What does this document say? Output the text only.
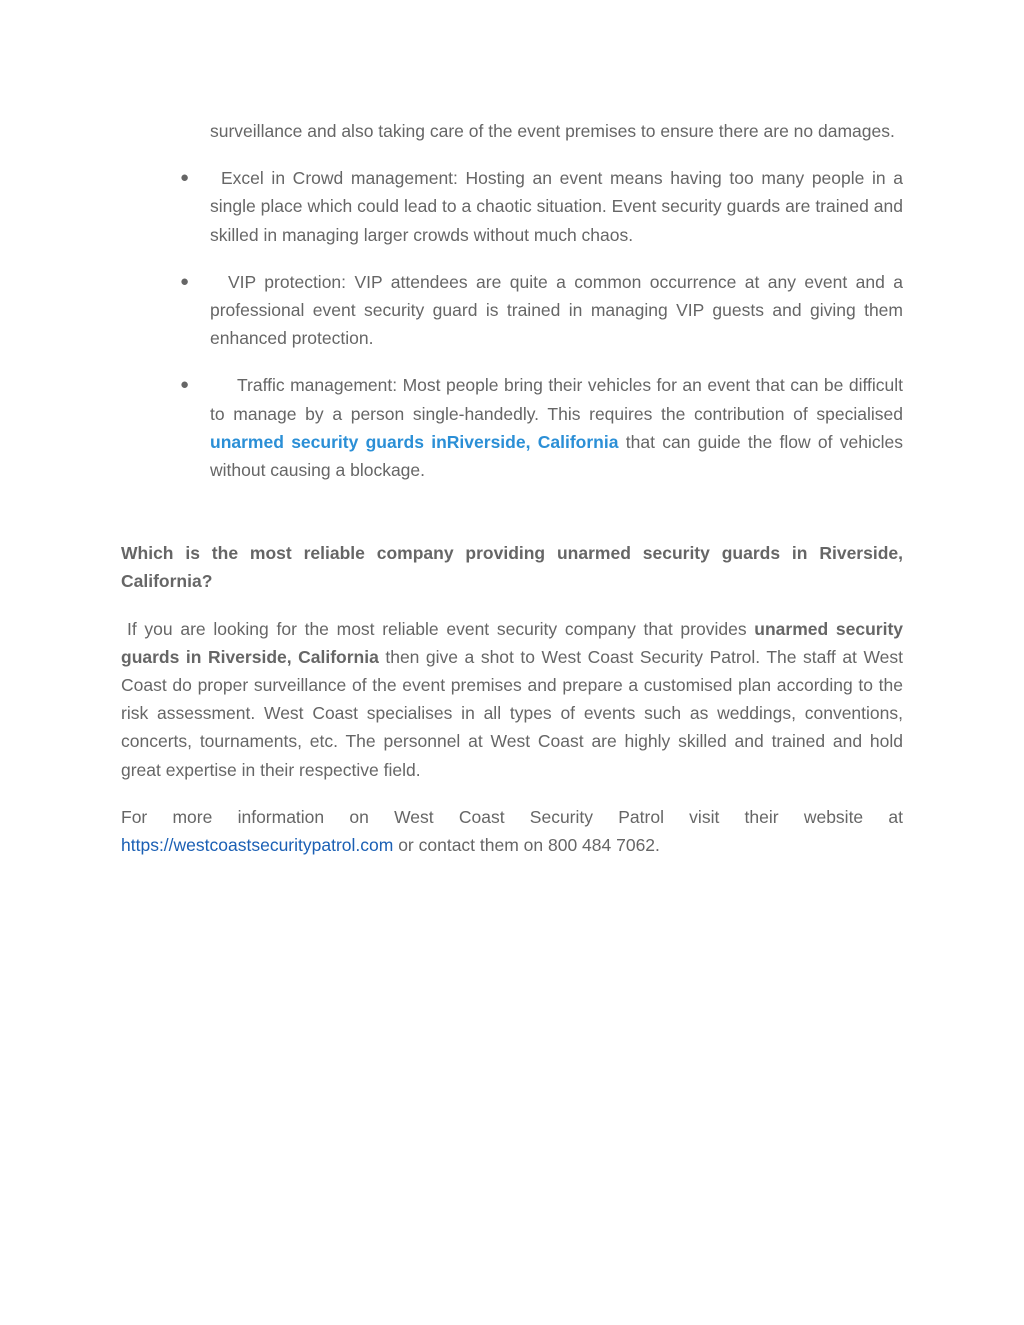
surveillance and also taking care of the event premises to ensure there are no damages.
● Excel in Crowd management: Hosting an event means having too many people in a single place which could lead to a chaotic situation. Event security guards are trained and skilled in managing larger crowds without much chaos.
● VIP protection: VIP attendees are quite a common occurrence at any event and a professional event security guard is trained in managing VIP guests and giving them enhanced protection.
●	Traffic management: Most people bring their vehicles for an event that can be difficult to manage by a person single-handedly. This requires the contribution of specialised unarmed security guards inRiverside, California that can guide the flow of vehicles without causing a blockage.

Which is the most reliable company providing unarmed security guards in Riverside, California?

If you are looking for the most reliable event security company that provides unarmed security guards in Riverside, California then give a shot to West Coast Security Patrol. The staff at West Coast do proper surveillance of the event premises and prepare a customised plan according to the risk assessment. West Coast specialises in all types of events such as weddings, conventions, concerts, tournaments, etc. The personnel at West Coast are highly skilled and trained and hold great expertise in their respective field.

For more information on West Coast Security Patrol visit their website at https://westcoastsecuritypatrol.com or contact them on 800 484 7062.
